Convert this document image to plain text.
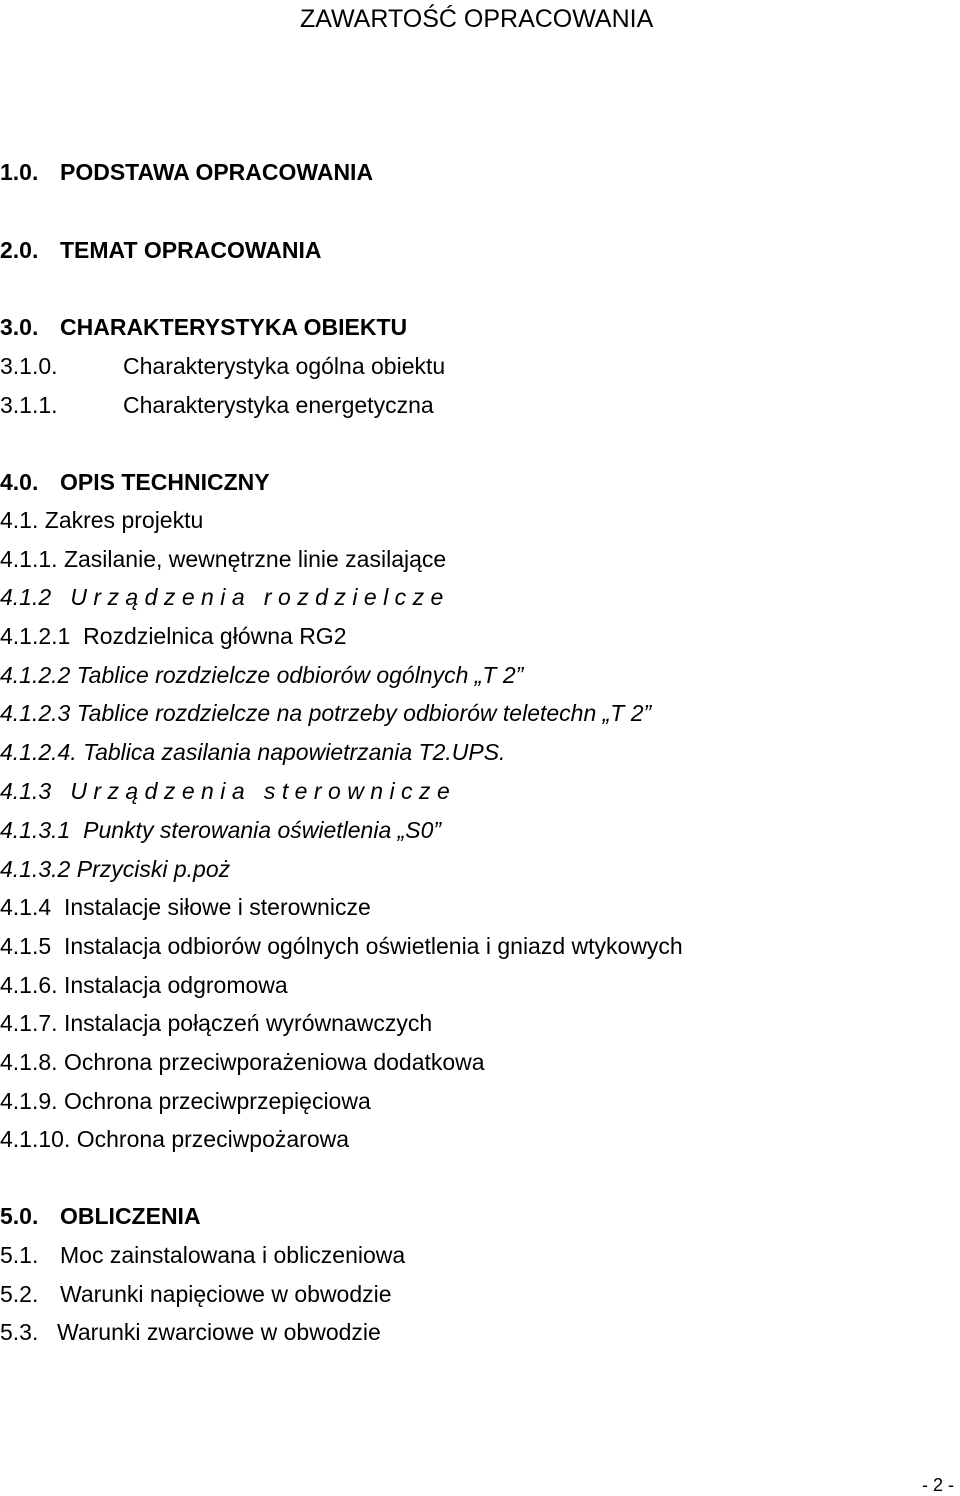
ZAWARTOŚĆ OPRACOWANIA
1.0. PODSTAWA OPRACOWANIA
2.0. TEMAT OPRACOWANIA
3.0. CHARAKTERYSTYKA OBIEKTU
3.1.0.	Charakterystyka ogólna obiektu
3.1.1.	Charakterystyka energetyczna
4.0. OPIS TECHNICZNY
4.1. Zakres projektu
4.1.1. Zasilanie, wewnętrzne linie zasilające
4.1.2 Urządzenia rozdzielcze
4.1.2.1 Rozdzielnica główna RG2
4.1.2.2 Tablice rozdzielcze odbiorów ogólnych „T 2”
4.1.2.3 Tablice rozdzielcze na potrzeby odbiorów teletechn „T 2”
4.1.2.4. Tablica zasilania napowietrzania T2.UPS.
4.1.3 Urządzenia sterownicze
4.1.3.1 Punkty sterowania oświetlenia „S0”
4.1.3.2 Przyciski p.poż
4.1.4 Instalacje siłowe i sterownicze
4.1.5 Instalacja odbiorów ogólnych oświetlenia i gniazd wtykowych
4.1.6. Instalacja odgromowa
4.1.7. Instalacja połączeń wyrównawczych
4.1.8. Ochrona przeciwporażeniowa dodatkowa
4.1.9. Ochrona przeciwprzepięciowa
4.1.10. Ochrona przeciwpożarowa
5.0. OBLICZENIA
5.1. Moc zainstalowana i obliczeniowa
5.2. Warunki napięciowe w obwodzie
5.3. Warunki zwarciowe w obwodzie
- 2 -
